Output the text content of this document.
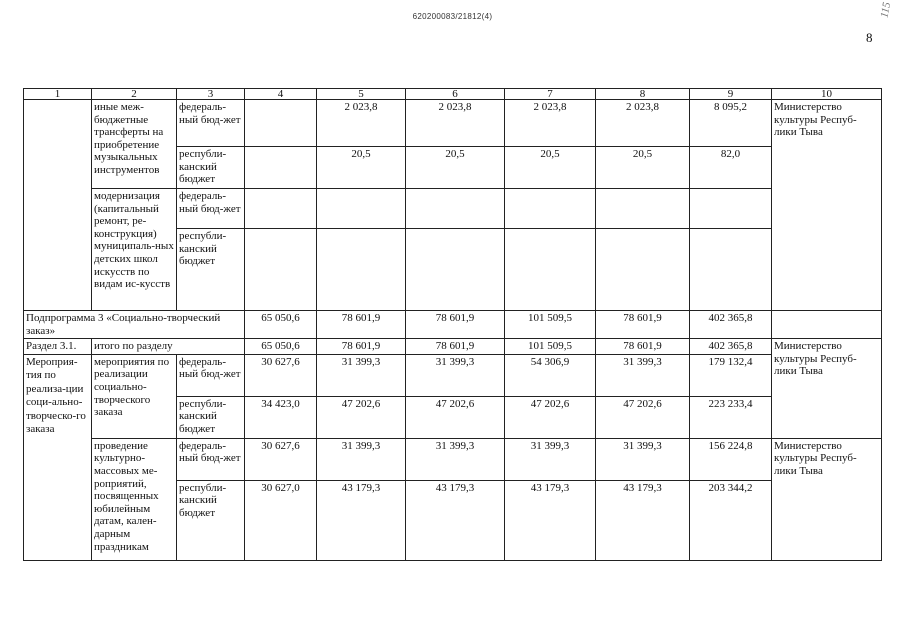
620200083/21812(4)	115
8
1	2	3	4	5	6	7	8	9	10
	иные меж-бюджетные трансферты на приобретение музыкальных инструментов	федераль-ный бюд-жет		2 023,8	2 023,8	2 023,8	2 023,8	8 095,2	Министерство культуры Респуб-лики Тыва
		республи-канский бюджет		20,5	20,5	20,5	20,5	82,0	
	модернизация (капитальный ремонт, ре-конструкция) муниципаль-ных детских школ искусств по видам ис-кусств	федераль-ный бюд-жет							
		республи-канский бюджет							
Подпрограмма 3 «Социально-творческий заказ»			65 050,6	78 601,9	78 601,9	101 509,5	78 601,9	402 365,8	
Раздел 3.1.	итого по разделу		65 050,6	78 601,9	78 601,9	101 509,5	78 601,9	402 365,8	Министерство культуры Респуб-лики Тыва
Мероприя-тия по реализа-ции соци-ально-творческо-го заказа	мероприятия по реализации социально-творческого заказа	федераль-ный бюд-жет	30 627,6	31 399,3	31 399,3	54 306,9	31 399,3	179 132,4	
		республи-канский бюджет	34 423,0	47 202,6	47 202,6	47 202,6	47 202,6	223 233,4	
	проведение культурно-массовых ме-роприятий, посвященных юбилейным датам, кален-дарным праздникам	федераль-ный бюд-жет	30 627,6	31 399,3	31 399,3	31 399,3	31 399,3	156 224,8	Министерство культуры Респуб-лики Тыва
		республи-канский бюджет	30 627,0	43 179,3	43 179,3	43 179,3	43 179,3	203 344,2	
